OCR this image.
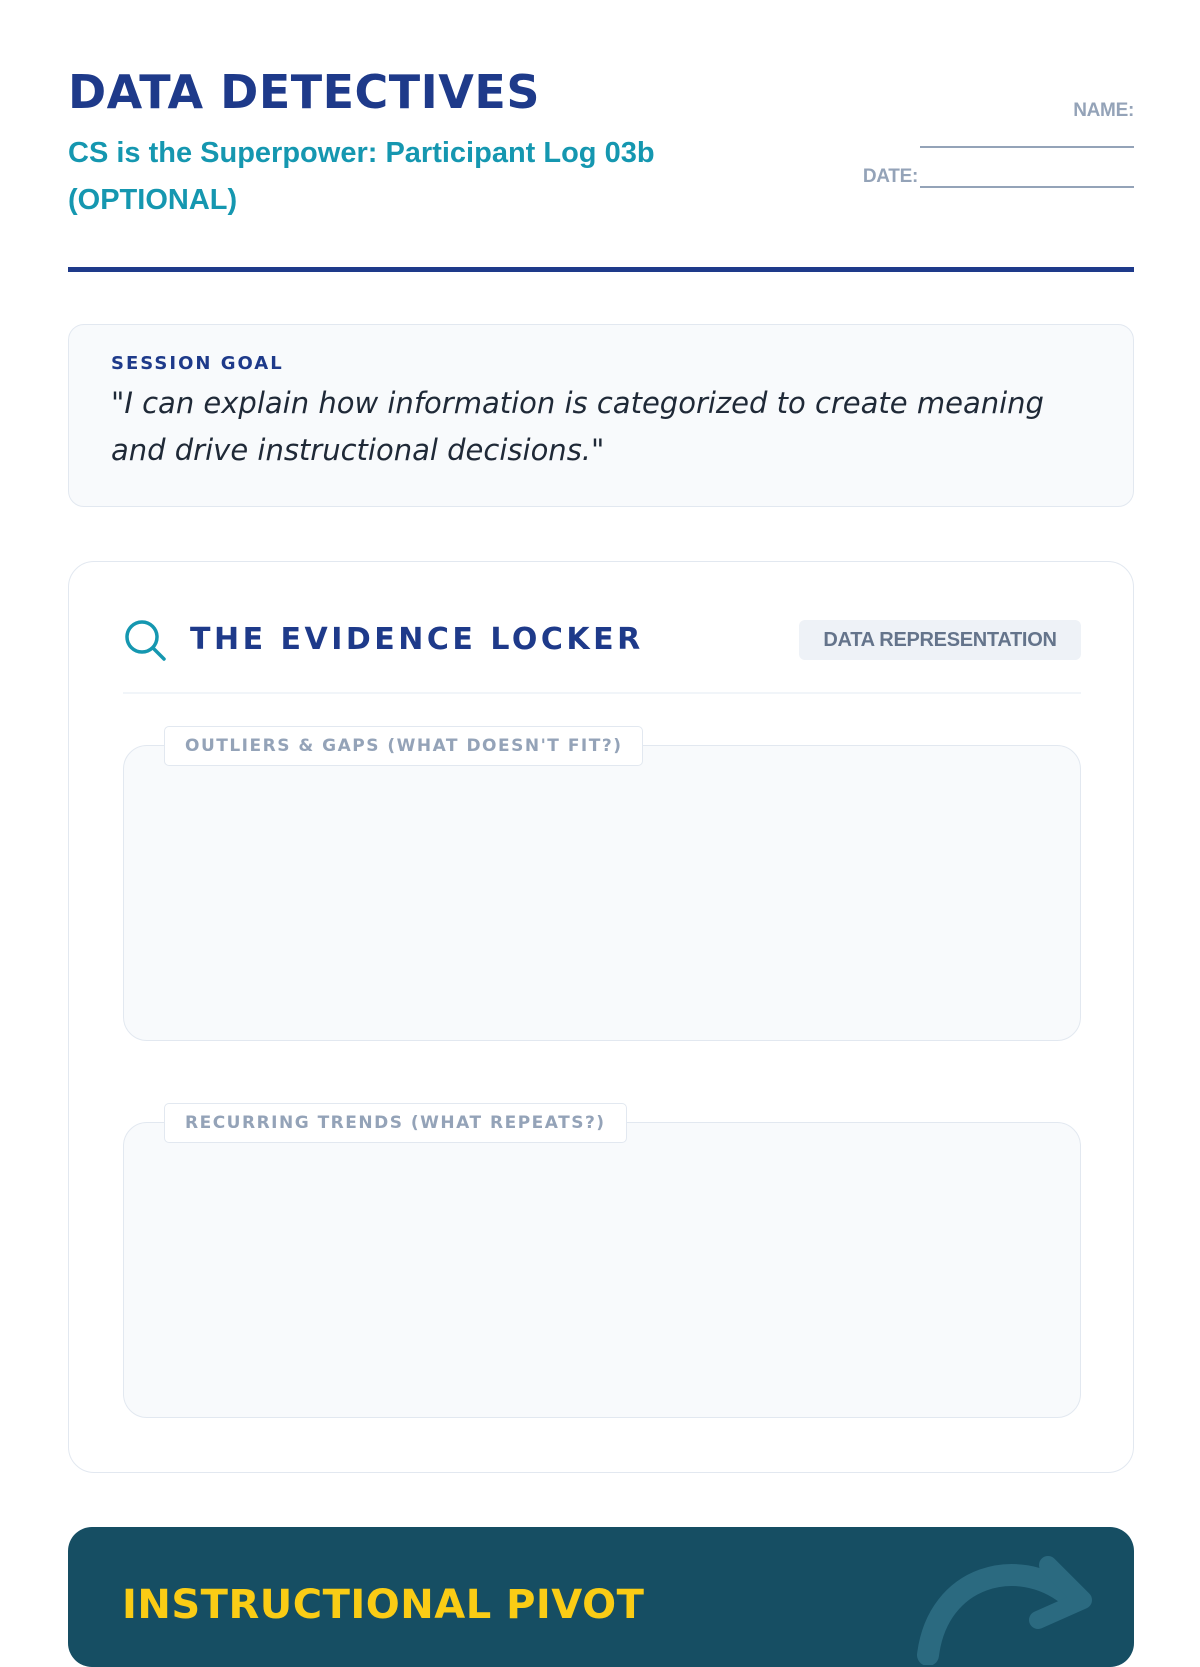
DATA DETECTIVES

CS is the Superpower: Participant Log 03b (OPTIONAL)

NAME:
DATE:

SESSION GOAL

"I can explain how information is categorized to create meaning and drive instructional decisions."

THE EVIDENCE LOCKER	DATA REPRESENTATION
OUTLIERS & GAPS (WHAT DOESN'T FIT?)
RECURRING TRENDS (WHAT REPEATS?)
INSTRUCTIONAL PIVOT
